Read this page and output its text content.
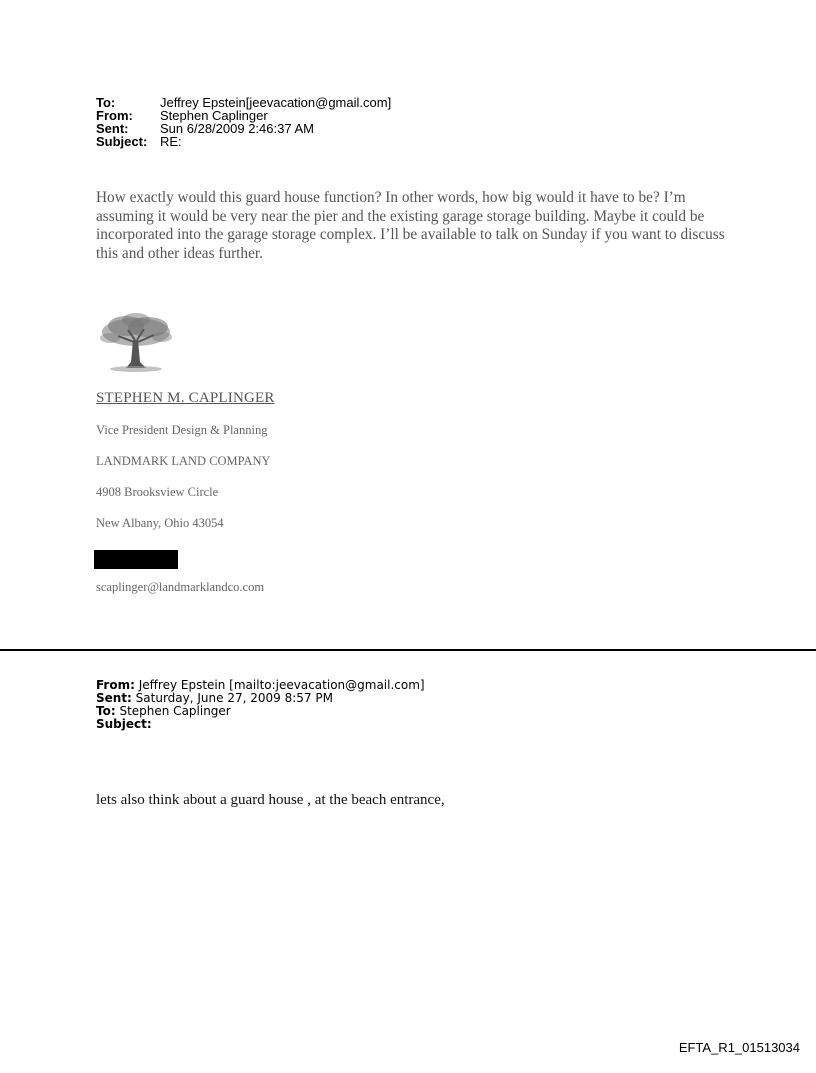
To:	Jeffrey Epstein[jeevacation@gmail.com]
From:	Stephen Caplinger
Sent:	Sun 6/28/2009 2:46:37 AM
Subject: RE:
How exactly would this guard house function? In other words, how big would it have to be? I’m assuming it would be very near the pier and the existing garage storage building. Maybe it could be incorporated into the garage storage complex. I’ll be available to talk on Sunday if you want to discuss this and other ideas further.
STEPHEN M. CAPLINGER
Vice President Design & Planning
LANDMARK LAND COMPANY
4908 Brooksview Circle
New Albany, Ohio 43054
scaplinger@landmarklandco.com
From: Jeffrey Epstein [mailto:jeevacation@gmail.com]
Sent: Saturday, June 27, 2009 8:57 PM
To: Stephen Caplinger
Subject:
lets also think about a guard house , at the beach entrance,
EFTA_R1_01513034
